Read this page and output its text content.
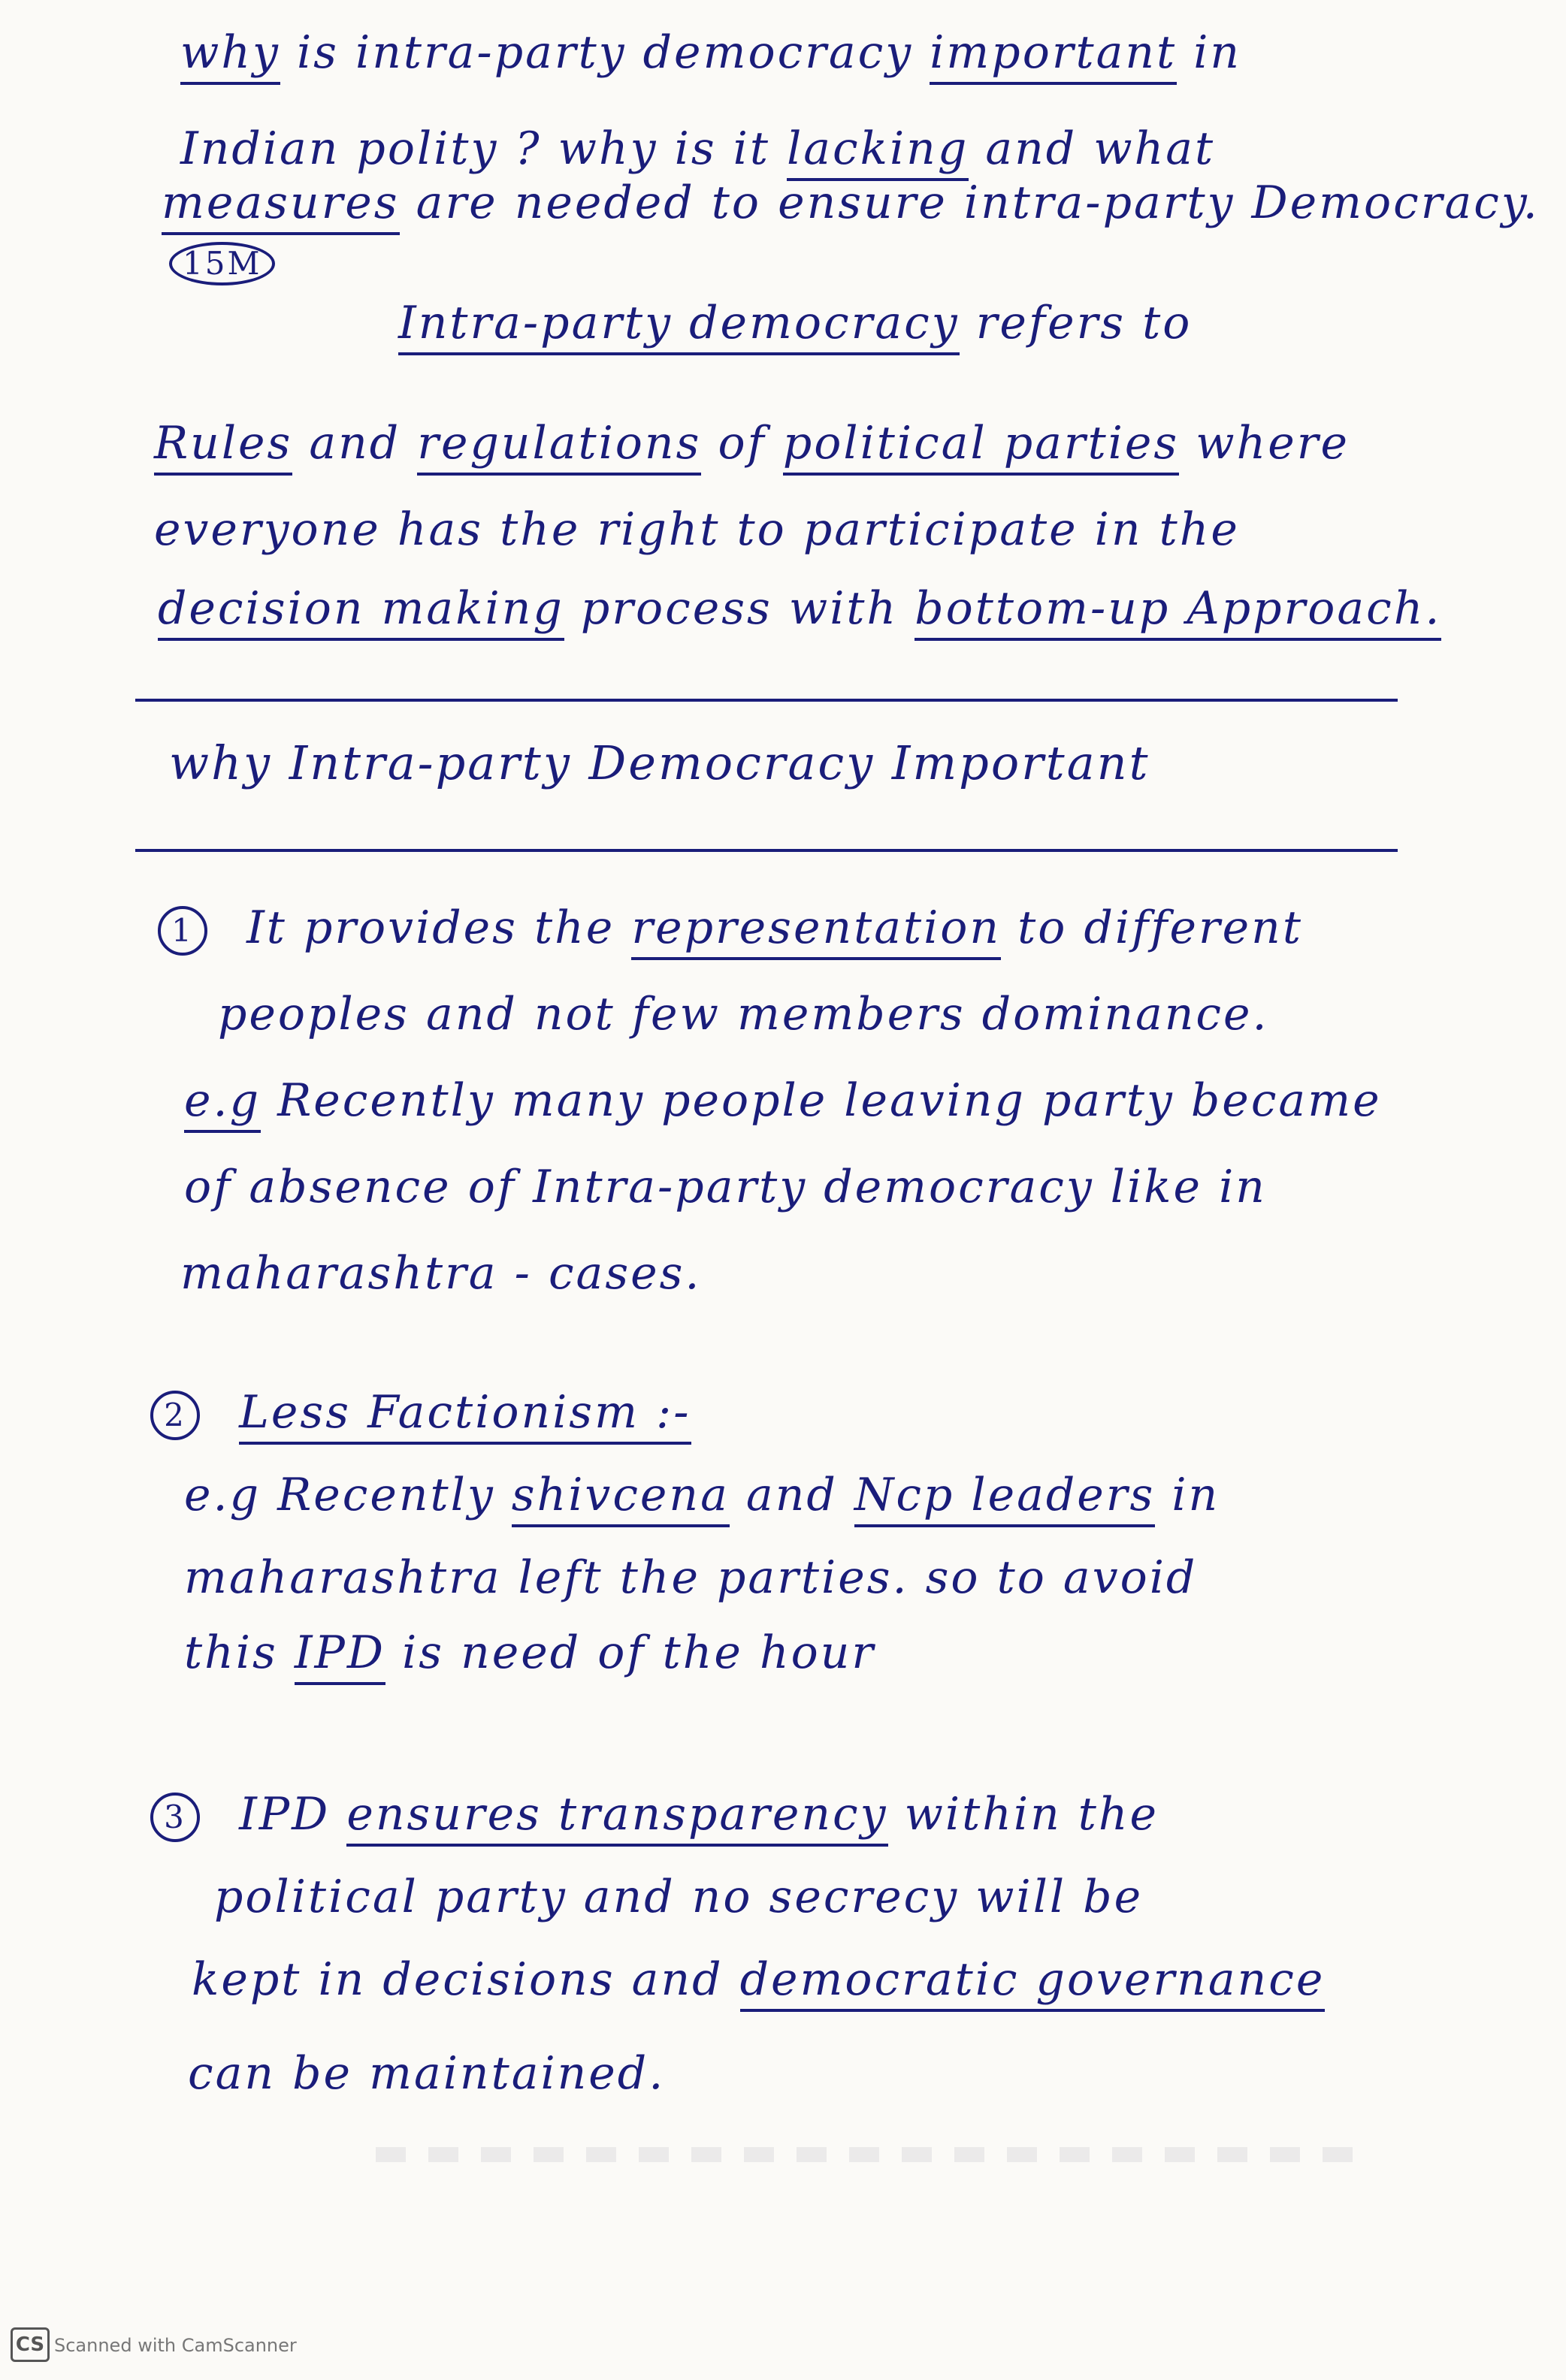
why is intra-party democracy important in
Indian polity ? why is it lacking and what
measures are needed to ensure intra-party Democracy.
15M
Intra-party democracy refers to
Rules and regulations of political parties where
everyone has the right to participate in the
decision making process with bottom-up Approach.
why Intra-party Democracy Important
1 It provides the representation to different
peoples and not few members dominance.
e.g Recently many people leaving party became
of absence of Intra-party democracy like in
maharashtra - cases.
2 Less Factionism :-
e.g Recently shivcena and Ncp leaders in
maharashtra left the parties. so to avoid
this IPD is need of the hour
3 IPD ensures transparency within the
political party and no secrecy will be
kept in decisions and democratic governance
can be maintained.
CS Scanned with CamScanner
